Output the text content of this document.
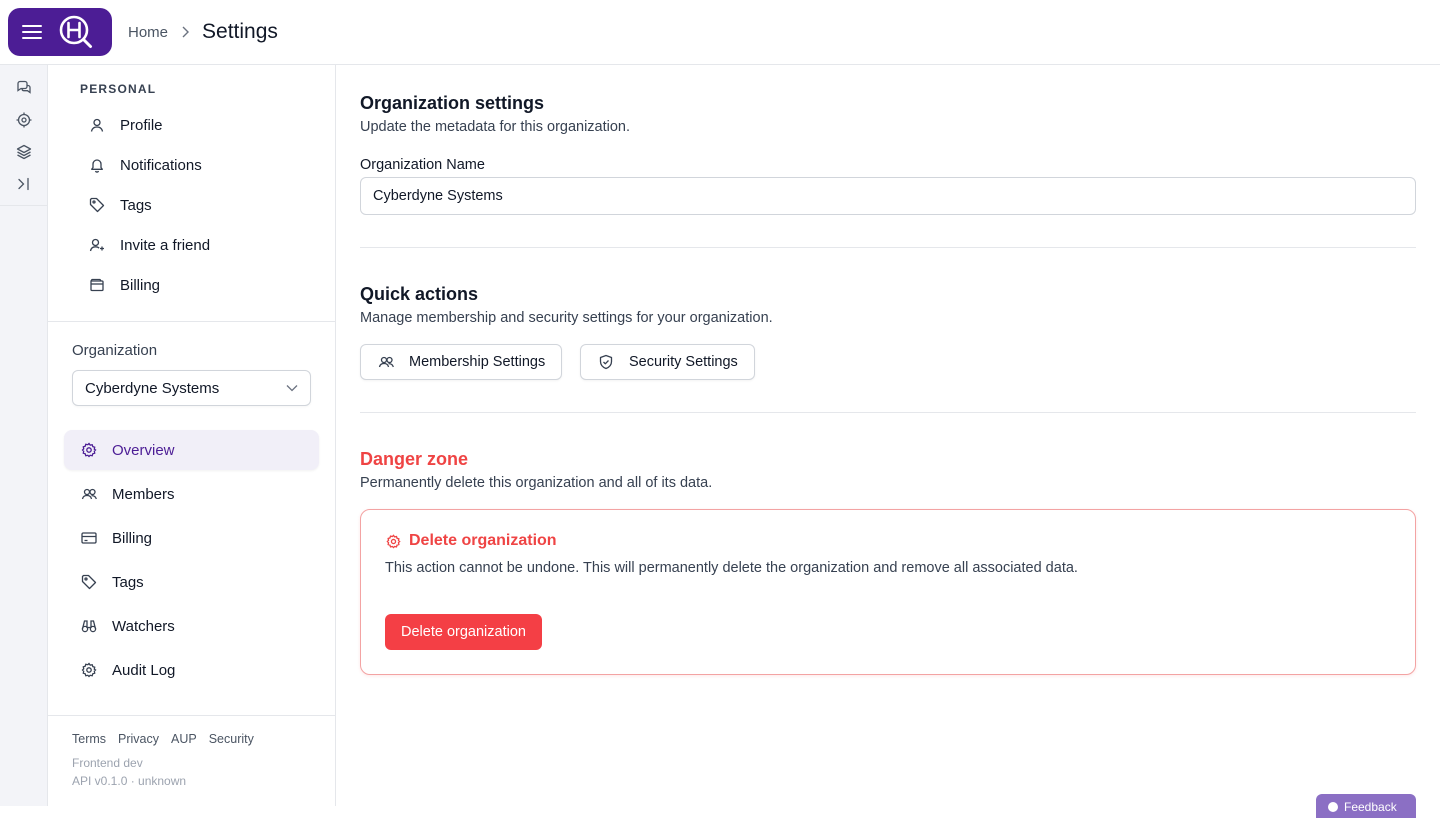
Home Settings
PERSONAL
Profile
Notifications
Tags
Invite a friend
Billing
Organization
Cyberdyne Systems
Overview
Members
Billing
Tags
Watchers
Audit Log
Terms Privacy AUP Security
Frontend dev
API v0.1.0 · unknown
Organization settings
Update the metadata for this organization.
Organization Name
Cyberdyne Systems
Quick actions
Manage membership and security settings for your organization.
Membership Settings	Security Settings
Danger zone
Permanently delete this organization and all of its data.
Delete organization
This action cannot be undone. This will permanently delete the organization and remove all associated data.
Delete organization
Feedback
